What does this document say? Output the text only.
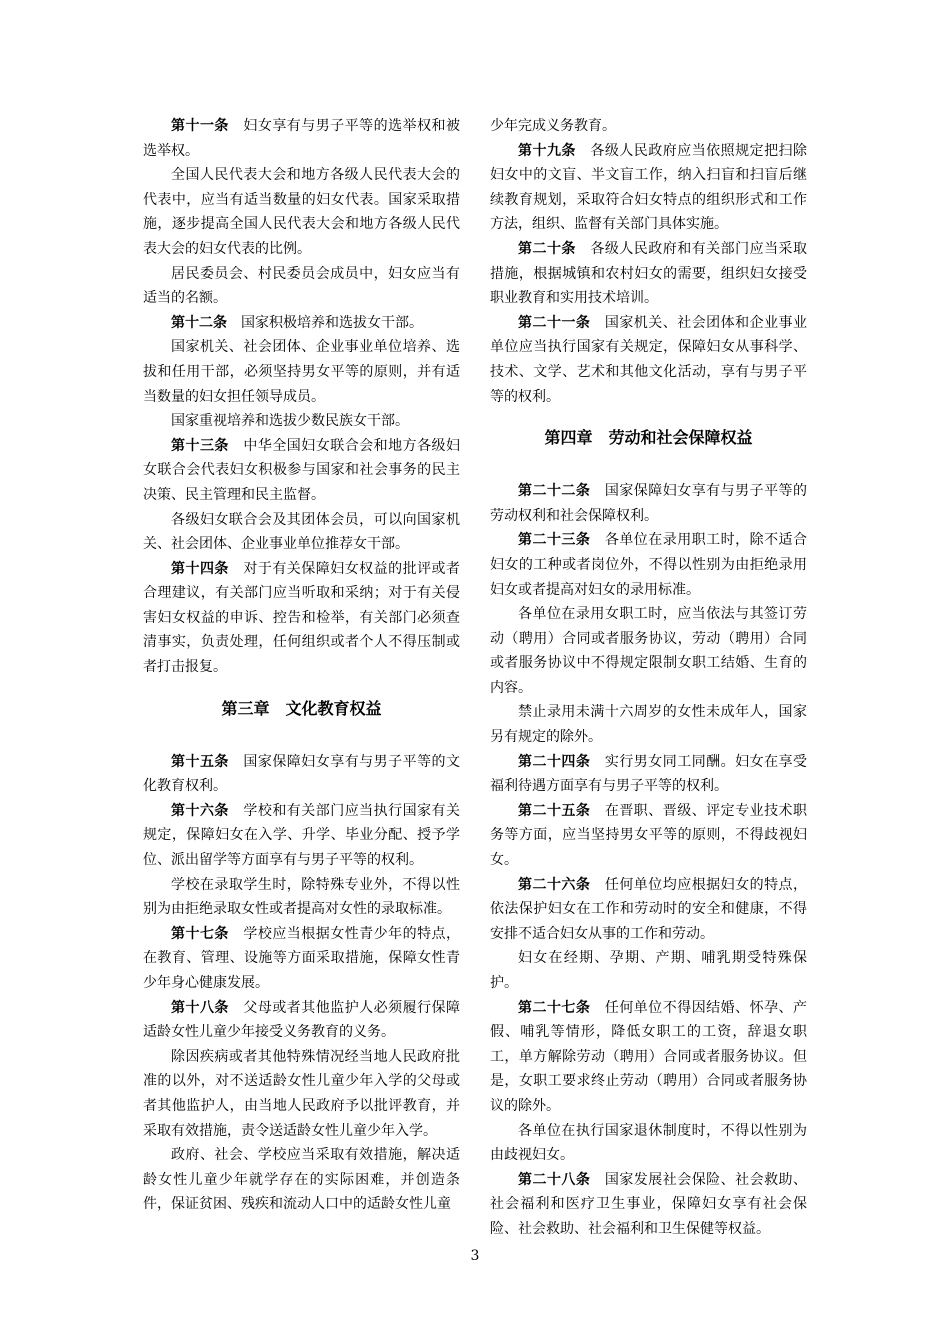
第十一条　 妇女享有与男子平等的选举权和被选举权。

全国人民代表大会和地方各级人民代表大会的代表中，应当有适当数量的妇女代表。国家采取措施，逐步提高全国人民代表大会和地方各级人民代表大会的妇女代表的比例。

居民委员会、村民委员会成员中，妇女应当有适当的名额。

第十二条　 国家积极培养和选拔女干部。

国家机关、社会团体、企业事业单位培养、选拔和任用干部，必须坚持男女平等的原则，并有适当数量的妇女担任领导成员。

国家重视培养和选拔少数民族女干部。

第十三条　 中华全国妇女联合会和地方各级妇女联合会代表妇女积极参与国家和社会事务的民主决策、民主管理和民主监督。

各级妇女联合会及其团体会员，可以向国家机关、社会团体、企业事业单位推荐女干部。

第十四条　 对于有关保障妇女权益的批评或者合理建议，有关部门应当听取和采纳；对于有关侵害妇女权益的申诉、控告和检举，有关部门必须查清事实，负责处理，任何组织或者个人不得压制或者打击报复。

第三章　文化教育权益

第十五条　 国家保障妇女享有与男子平等的文化教育权利。

第十六条　 学校和有关部门应当执行国家有关规定，保障妇女在入学、升学、毕业分配、授予学位、派出留学等方面享有与男子平等的权利。

学校在录取学生时，除特殊专业外，不得以性别为由拒绝录取女性或者提高对女性的录取标准。

第十七条　 学校应当根据女性青少年的特点，在教育、管理、设施等方面采取措施，保障女性青少年身心健康发展。

第十八条　 父母或者其他监护人必须履行保障适龄女性儿童少年接受义务教育的义务。

除因疾病或者其他特殊情况经当地人民政府批准的以外，对不送适龄女性儿童少年入学的父母或者其他监护人，由当地人民政府予以批评教育，并采取有效措施，责令送适龄女性儿童少年入学。

政府、社会、学校应当采取有效措施，解决适龄女性儿童少年就学存在的实际困难，并创造条件，保证贫困、残疾和流动人口中的适龄女性儿童

少年完成义务教育。

第十九条　 各级人民政府应当依照规定把扫除妇女中的文盲、半文盲工作，纳入扫盲和扫盲后继续教育规划，采取符合妇女特点的组织形式和工作方法，组织、监督有关部门具体实施。

第二十条　 各级人民政府和有关部门应当采取措施，根据城镇和农村妇女的需要，组织妇女接受职业教育和实用技术培训。

第二十一条　 国家机关、社会团体和企业事业单位应当执行国家有关规定，保障妇女从事科学、技术、文学、艺术和其他文化活动，享有与男子平等的权利。

第四章　劳动和社会保障权益

第二十二条　 国家保障妇女享有与男子平等的劳动权利和社会保障权利。

第二十三条　 各单位在录用职工时，除不适合妇女的工种或者岗位外，不得以性别为由拒绝录用妇女或者提高对妇女的录用标准。

各单位在录用女职工时，应当依法与其签订劳动（聘用）合同或者服务协议，劳动（聘用）合同或者服务协议中不得规定限制女职工结婚、生育的内容。

禁止录用未满十六周岁的女性未成年人，国家另有规定的除外。

第二十四条　 实行男女同工同酬。妇女在享受福利待遇方面享有与男子平等的权利。

第二十五条　 在晋职、晋级、评定专业技术职务等方面，应当坚持男女平等的原则，不得歧视妇女。

第二十六条　 任何单位均应根据妇女的特点，依法保护妇女在工作和劳动时的安全和健康，不得安排不适合妇女从事的工作和劳动。

妇女在经期、孕期、产期、哺乳期受特殊保护。

第二十七条　 任何单位不得因结婚、怀孕、产假、哺乳等情形，降低女职工的工资，辞退女职工，单方解除劳动（聘用）合同或者服务协议。但是，女职工要求终止劳动（聘用）合同或者服务协议的除外。

各单位在执行国家退休制度时，不得以性别为由歧视妇女。

第二十八条　 国家发展社会保险、社会救助、社会福利和医疗卫生事业，保障妇女享有社会保险、社会救助、社会福利和卫生保健等权益。

3
